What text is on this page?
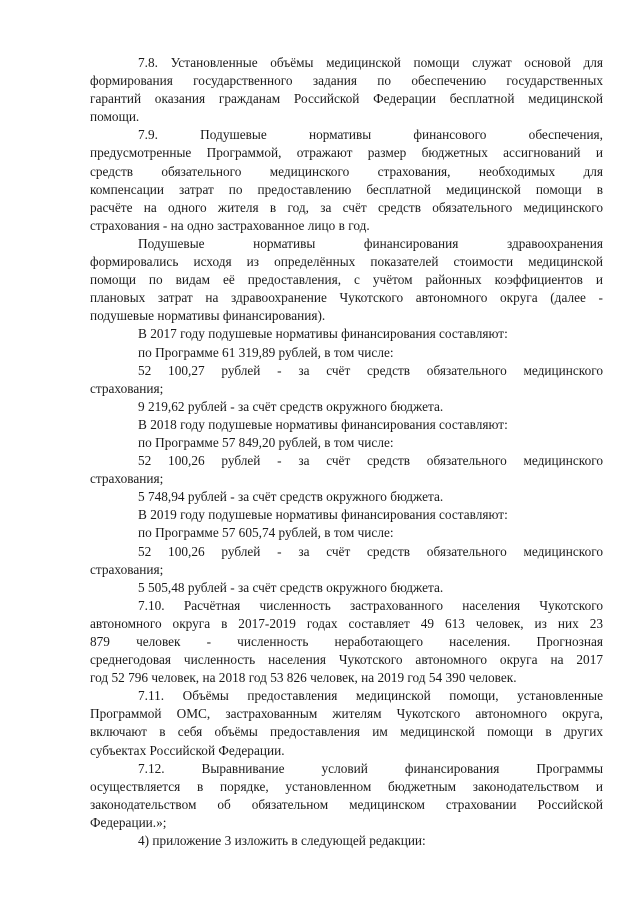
7.8. Установленные объёмы медицинской помощи служат основой для
формирования государственного задания по обеспечению государственных
гарантий оказания гражданам Российской Федерации бесплатной медицинской
помощи.
7.9. Подушевые нормативы финансового обеспечения,
предусмотренные Программой, отражают размер бюджетных ассигнований и
средств обязательного медицинского страхования, необходимых для
компенсации затрат по предоставлению бесплатной медицинской помощи в
расчёте на одного жителя в год, за счёт средств обязательного медицинского
страхования - на одно застрахованное лицо в год.
Подушевые нормативы финансирования здравоохранения
формировались исходя из определённых показателей стоимости медицинской
помощи по видам её предоставления, с учётом районных коэффициентов и
плановых затрат на здравоохранение Чукотского автономного округа (далее -
подушевые нормативы финансирования).
В 2017 году подушевые нормативы финансирования составляют:
по Программе 61 319,89 рублей, в том числе:
52 100,27 рублей - за счёт средств обязательного медицинского
страхования;
9 219,62 рублей - за счёт средств окружного бюджета.
В 2018 году подушевые нормативы финансирования составляют:
по Программе 57 849,20 рублей, в том числе:
52 100,26 рублей - за счёт средств обязательного медицинского
страхования;
5 748,94 рублей - за счёт средств окружного бюджета.
В 2019 году подушевые нормативы финансирования составляют:
по Программе 57 605,74 рублей, в том числе:
52 100,26 рублей - за счёт средств обязательного медицинского
страхования;
5 505,48 рублей - за счёт средств окружного бюджета.
7.10. Расчётная численность застрахованного населения Чукотского
автономного округа в 2017-2019 годах составляет 49 613 человек, из них 23
879 человек - численность неработающего населения. Прогнозная
среднегодовая численность населения Чукотского автономного округа на 2017
год 52 796 человек, на 2018 год 53 826 человек, на 2019 год 54 390 человек.
7.11. Объёмы предоставления медицинской помощи, установленные
Программой ОМС, застрахованным жителям Чукотского автономного округа,
включают в себя объёмы предоставления им медицинской помощи в других
субъектах Российской Федерации.
7.12. Выравнивание условий финансирования Программы
осуществляется в порядке, установленном бюджетным законодательством и
законодательством об обязательном медицинском страховании Российской
Федерации.»;
4) приложение 3 изложить в следующей редакции:
